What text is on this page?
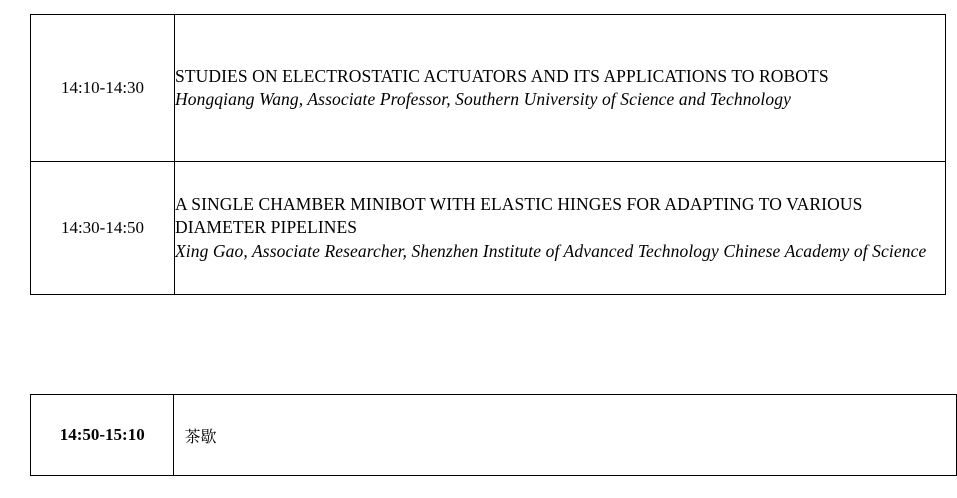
14:10-14:30	STUDIES ON ELECTROSTATIC ACTUATORS AND ITS APPLICATIONS TO ROBOTS
Hongqiang Wang, Associate Professor, Southern University of Science and Technology

14:30-14:50	A SINGLE CHAMBER MINIBOT WITH ELASTIC HINGES FOR ADAPTING TO VARIOUS DIAMETER PIPELINES
Xing Gao, Associate Researcher, Shenzhen Institute of Advanced Technology Chinese Academy of Science
14:50-15:10	茶歇
